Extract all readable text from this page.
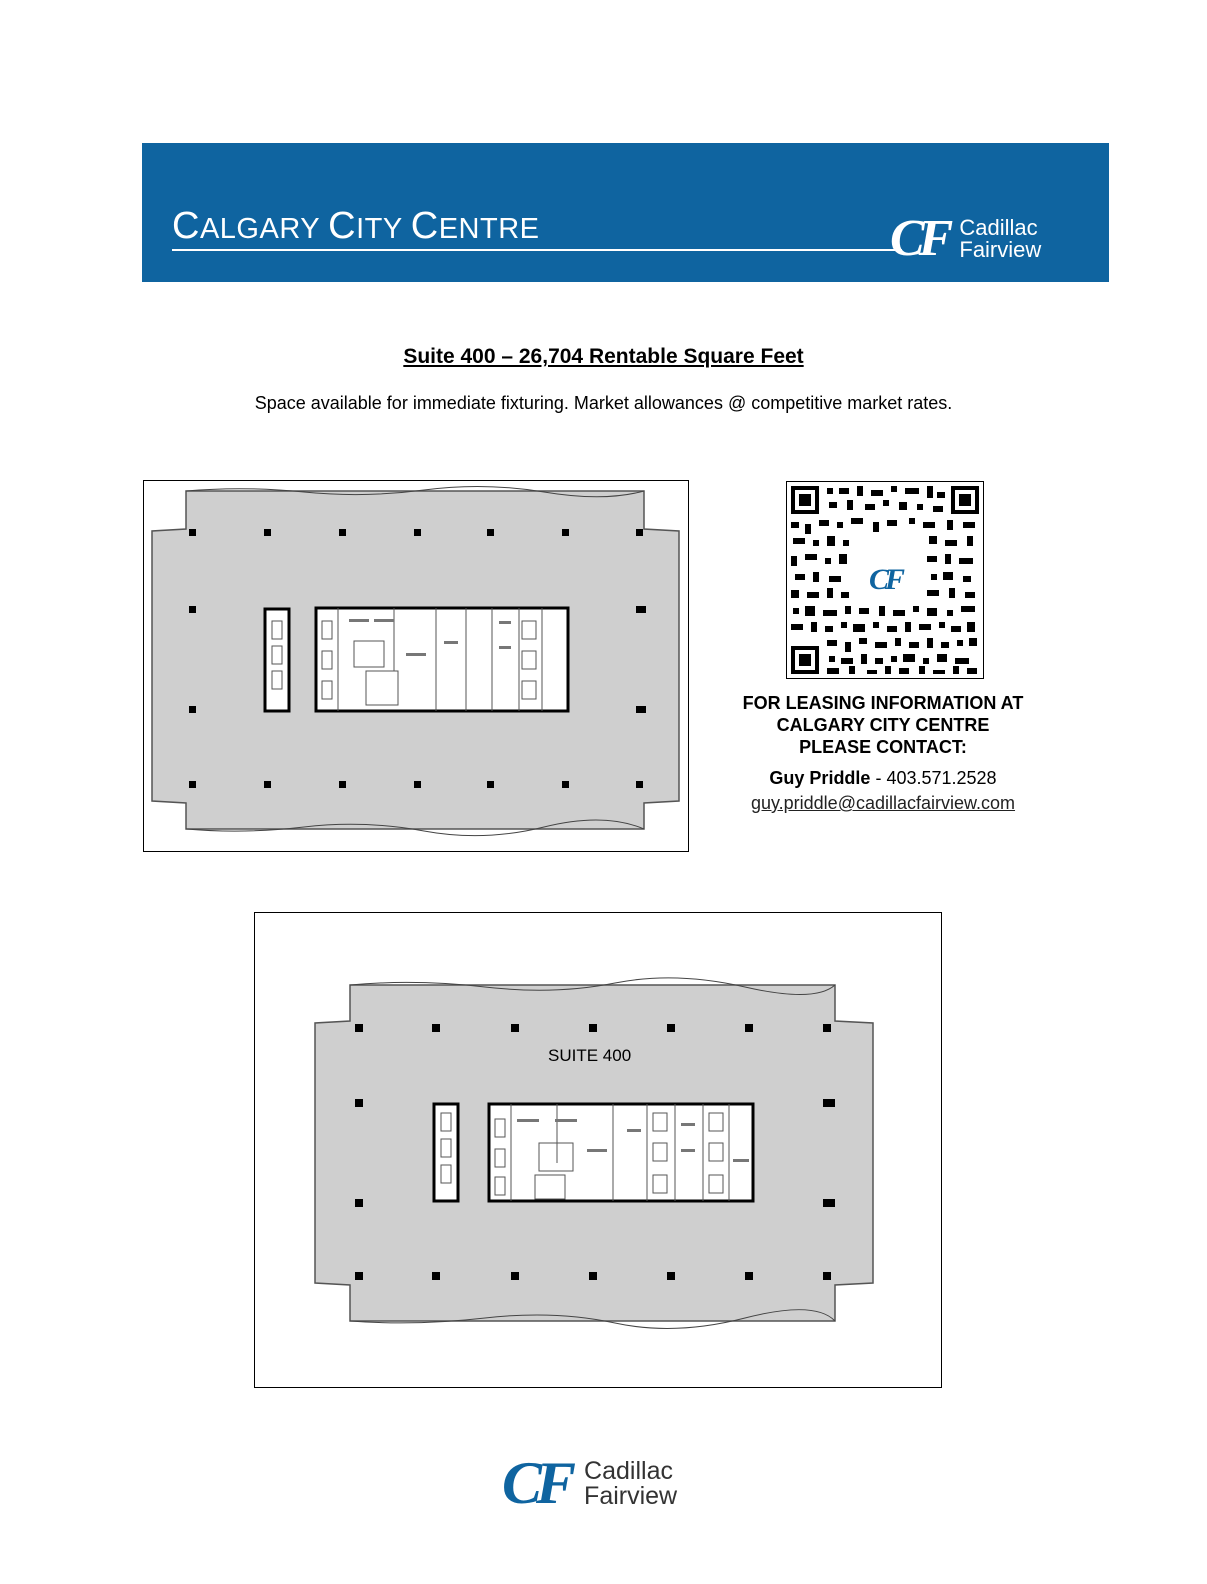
CALGARY CITY CENTRE	CF Cadillac
Fairview
Suite 400 – 26,704 Rentable Square Feet
Space available for immediate fixturing. Market allowances @ competitive market rates.
CF
FOR LEASING INFORMATION AT
CALGARY CITY CENTRE
PLEASE CONTACT:
Guy Priddle - 403.571.2528
guy.priddle@cadillacfairview.com
SUITE 400
CF Cadillac
Fairview
